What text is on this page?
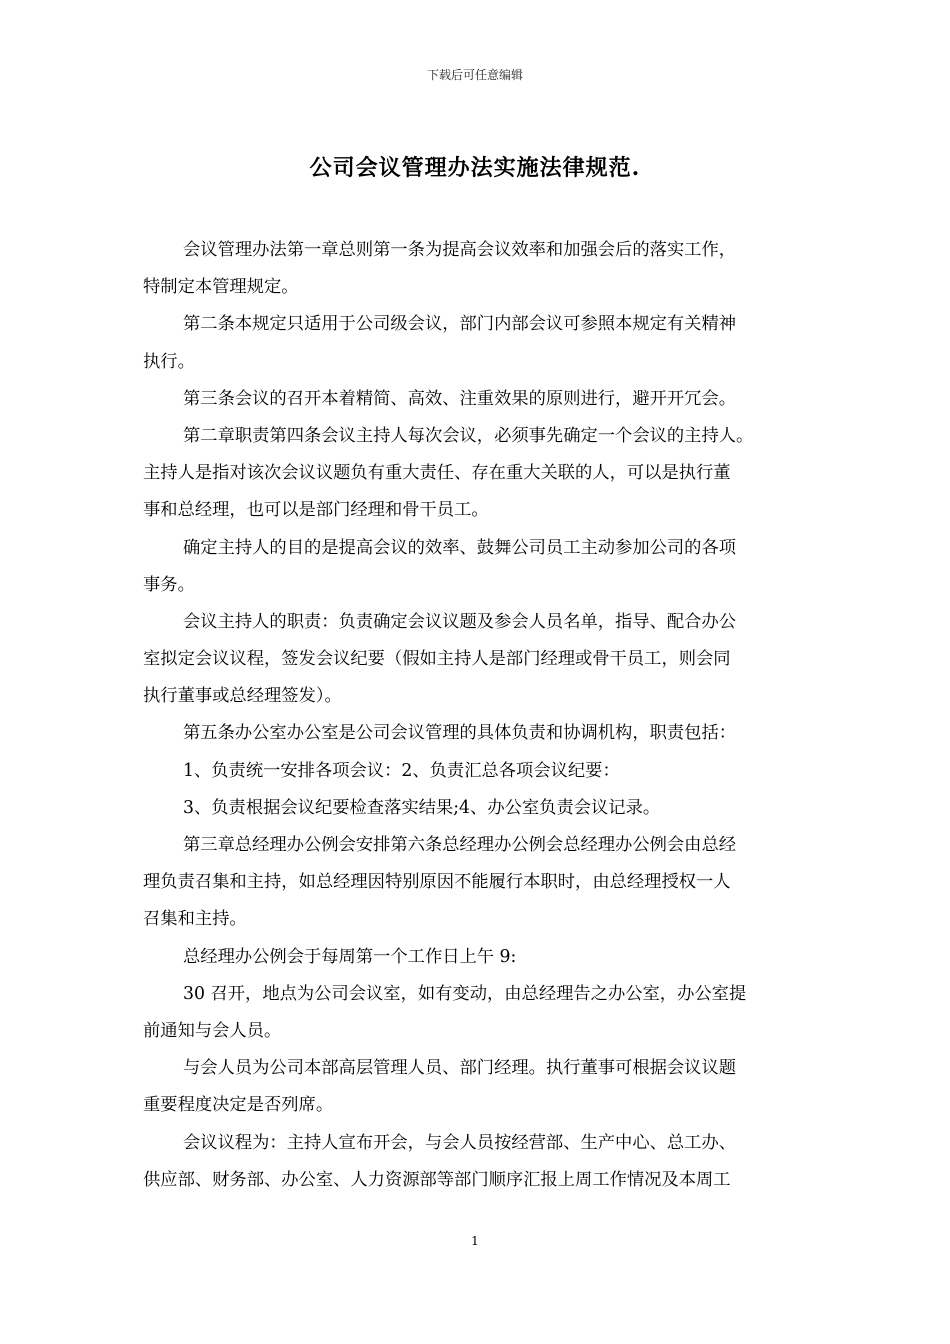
下载后可任意编辑
公司会议管理办法实施法律规范.
会议管理办法第一章总则第一条为提高会议效率和加强会后的落实工作，
特制定本管理规定。
第二条本规定只适用于公司级会议，部门内部会议可参照本规定有关精神
执行。
第三条会议的召开本着精简、高效、注重效果的原则进行，避开开冗会。
第二章职责第四条会议主持人每次会议，必须事先确定一个会议的主持人。
主持人是指对该次会议议题负有重大责任、存在重大关联的人，可以是执行董
事和总经理，也可以是部门经理和骨干员工。
确定主持人的目的是提高会议的效率、鼓舞公司员工主动参加公司的各项
事务。
会议主持人的职责：负责确定会议议题及参会人员名单，指导、配合办公
室拟定会议议程，签发会议纪要（假如主持人是部门经理或骨干员工，则会同
执行董事或总经理签发）。
第五条办公室办公室是公司会议管理的具体负责和协调机构，职责包括：
1、负责统一安排各项会议：2、负责汇总各项会议纪要：
3、负责根据会议纪要检查落实结果;4、办公室负责会议记录。
第三章总经理办公例会安排第六条总经理办公例会总经理办公例会由总经
理负责召集和主持，如总经理因特别原因不能履行本职时，由总经理授权一人
召集和主持。
总经理办公例会于每周第一个工作日上午 9:
30 召开，地点为公司会议室，如有变动，由总经理告之办公室，办公室提
前通知与会人员。
与会人员为公司本部高层管理人员、部门经理。执行董事可根据会议议题
重要程度决定是否列席。
会议议程为：主持人宣布开会，与会人员按经营部、生产中心、总工办、
供应部、财务部、办公室、人力资源部等部门顺序汇报上周工作情况及本周工
1
